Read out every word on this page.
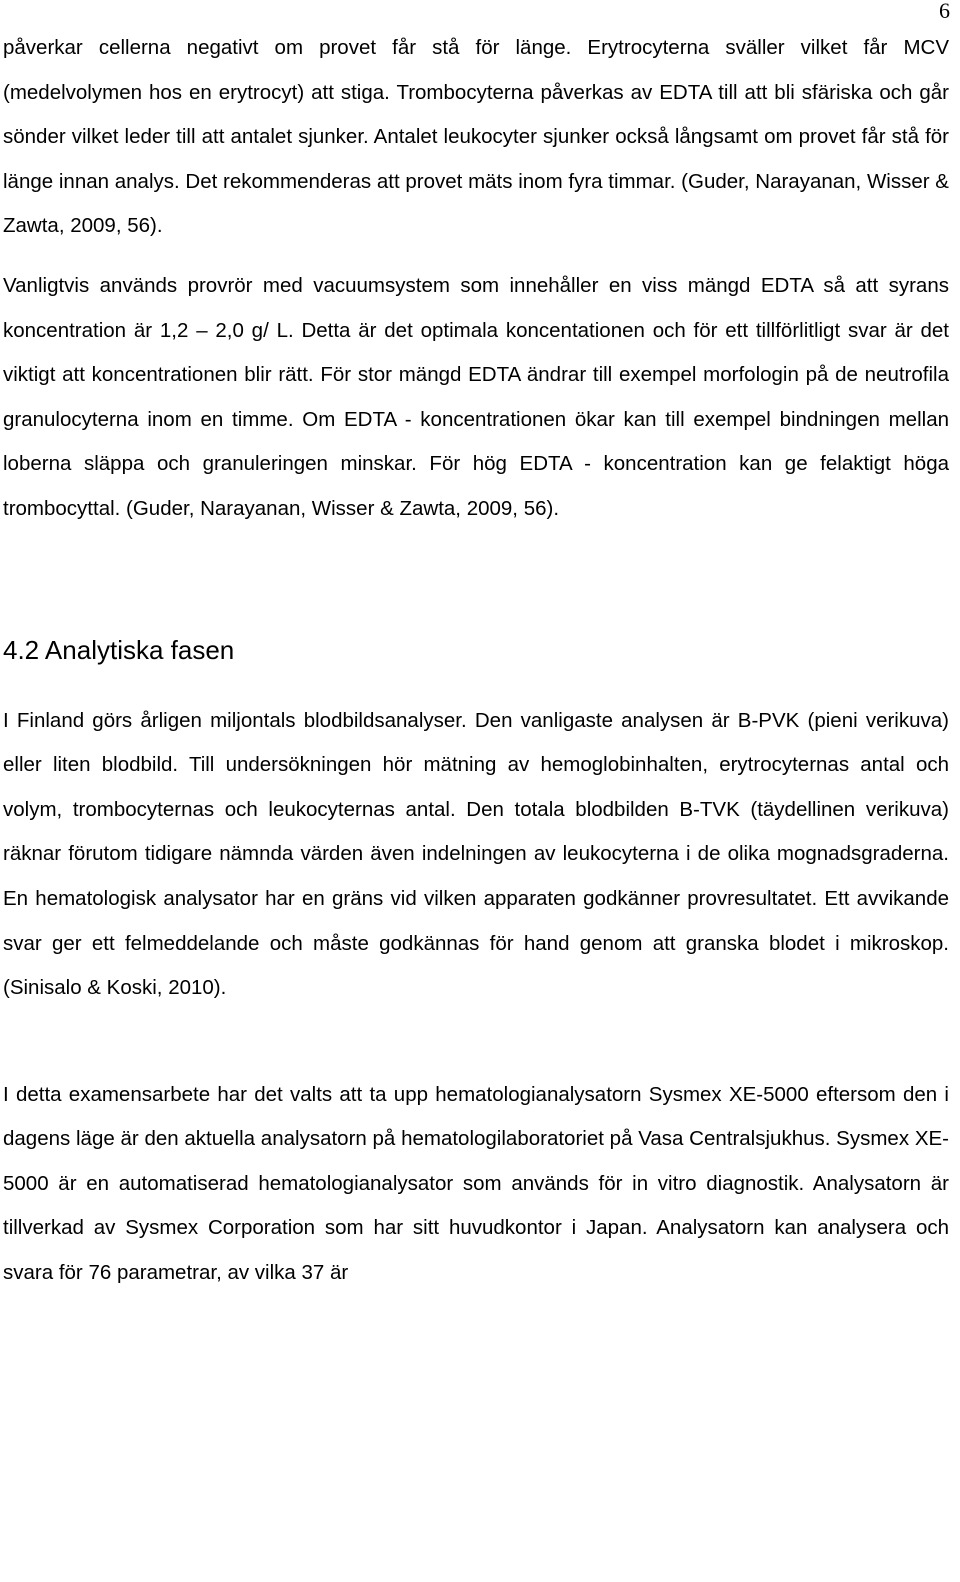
6

påverkar cellerna negativt om provet får stå för länge. Erytrocyterna sväller vilket får MCV (medelvolymen hos en erytrocyt) att stiga. Trombocyterna påverkas av EDTA till att bli sfäriska och går sönder vilket leder till att antalet sjunker. Antalet leukocyter sjunker också långsamt om provet får stå för länge innan analys. Det rekommenderas att provet mäts inom fyra timmar. (Guder, Narayanan, Wisser & Zawta, 2009, 56).

Vanligtvis används provrör med vacuumsystem som innehåller en viss mängd EDTA så att syrans koncentration är 1,2 – 2,0 g/ L. Detta är det optimala koncentationen och för ett tillförlitligt svar är det viktigt att koncentrationen blir rätt. För stor mängd EDTA ändrar till exempel morfologin på de neutrofila granulocyterna inom en timme. Om EDTA - koncentrationen ökar kan till exempel bindningen mellan loberna släppa och granuleringen minskar. För hög EDTA - koncentration kan ge felaktigt höga trombocyttal. (Guder, Narayanan, Wisser & Zawta, 2009, 56).

4.2 Analytiska fasen

I Finland görs årligen miljontals blodbildsanalyser. Den vanligaste analysen är B-PVK (pieni verikuva) eller liten blodbild. Till undersökningen hör mätning av hemoglobinhalten, erytrocyternas antal och volym, trombocyternas och leukocyternas antal. Den totala blodbilden B-TVK (täydellinen verikuva) räknar förutom tidigare nämnda värden även indelningen av leukocyterna i de olika mognadsgraderna. En hematologisk analysator har en gräns vid vilken apparaten godkänner provresultatet. Ett avvikande svar ger ett felmeddelande och måste godkännas för hand genom att granska blodet i mikroskop. (Sinisalo & Koski, 2010).

I detta examensarbete har det valts att ta upp hematologianalysatorn Sysmex XE-5000 eftersom den i dagens läge är den aktuella analysatorn på hematologilaboratoriet på Vasa Centralsjukhus. Sysmex XE-5000 är en automatiserad hematologianalysator som används för in vitro diagnostik. Analysatorn är tillverkad av Sysmex Corporation som har sitt huvudkontor i Japan. Analysatorn kan analysera och svara för 76 parametrar, av vilka 37 är
